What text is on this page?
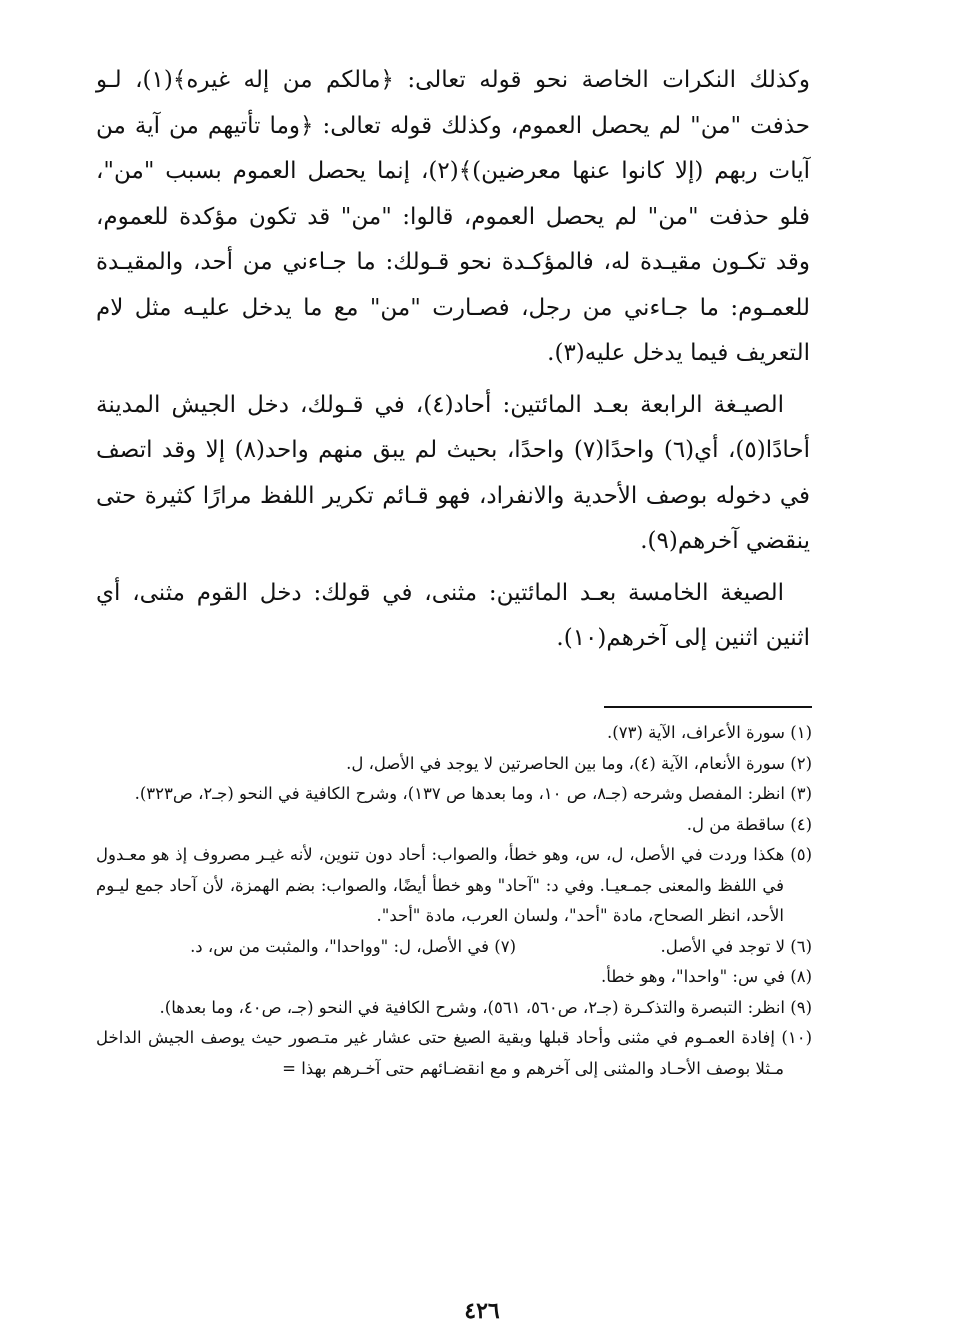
وكذلك النكرات الخاصة نحو قوله تعالى: ﴿مالكم من إله غيره﴾(١)، لـو حذفت "من" لم يحصل العموم، وكذلك قوله تعالى: ﴿وما تأتيهم من آية من آيات ربهم (إلا كانوا عنها معرضين)﴾(٢)، إنما يحصل العموم بسبب "من"، فلو حذفت "من" لم يحصل العموم، قالوا: "من" قد تكون مؤكدة للعموم، وقد تكـون مقيـدة له، فالمؤكـدة نحو قـولك: ما جـاءني من أحد، والمقيـدة للعمـوم: ما جـاءني من رجل، فصـارت "من" مع ما يدخل عليـه مثل لام التعريف فيما يدخل عليه(٣).

الصيـغة الرابعة بعـد المائتين: أحاد(٤)، في قـولك، دخل الجيش المدينة أحادًا(٥)، أي(٦) واحدًا(٧) واحدًا، بحيث لم يبق منهم واحد(٨) إلا وقد اتصف في دخوله بوصف الأحدية والانفراد، فهو قـائم تكرير اللفظ مرارًا كثيرة حتى ينقضي آخرهم(٩).

الصيغة الخامسة بعـد المائتين: مثنى، في قولك: دخل القوم مثنى، أي اثنين اثنين إلى آخرهم(١٠).

(١) سورة الأعراف، الآية (٧٣).

(٢) سورة الأنعام، الآية (٤)، وما بين الحاصرتين لا يوجد في الأصل، ل.

(٣) انظر: المفصل وشرحه (جـ٨، ص ١٠، وما بعدها ص ١٣٧)، وشرح الكافية في النحو (جـ٢، ص٣٢٣).

(٤) ساقطة من ل.

(٥) هكذا وردت في الأصل، ل، س، وهو خطأ، والصواب: أحاد دون تنوين، لأنه غيـر مصروف إذ هو معـدول في اللفظ والمعنى جمـعيـا. وفي د: "آحاد" وهو خطأ أيضًا، والصواب: بضم الهمزة، لأن آحاد جمع ليـوم الأحد، انظر الصحاح، مادة "أحد"، ولسان العرب، مادة "أحد".

(٦) لا توجد في الأصل.
(٧) في الأصل، ل: "وواحدا"، والمثبت من س، د.

(٨) في س: "واحدا"، وهو خطأ.

(٩) انظر: التبصرة والتذكـرة (جـ٢، ص٥٦٠، ٥٦١)، وشرح الكافية في النحو (جـ، ص٤٠، وما بعدها).

(١٠) إفادة العمـوم في مثنى وأحاد قبلها وبقية الصيغ حتى عشار غير متـصور حيث يوصف الجيش الداخل مـثلا بوصف الأحـاد والمثنى إلى آخرهم و مع انقضـائهم حتى آخـرهم بهذا =

٤٢٦
